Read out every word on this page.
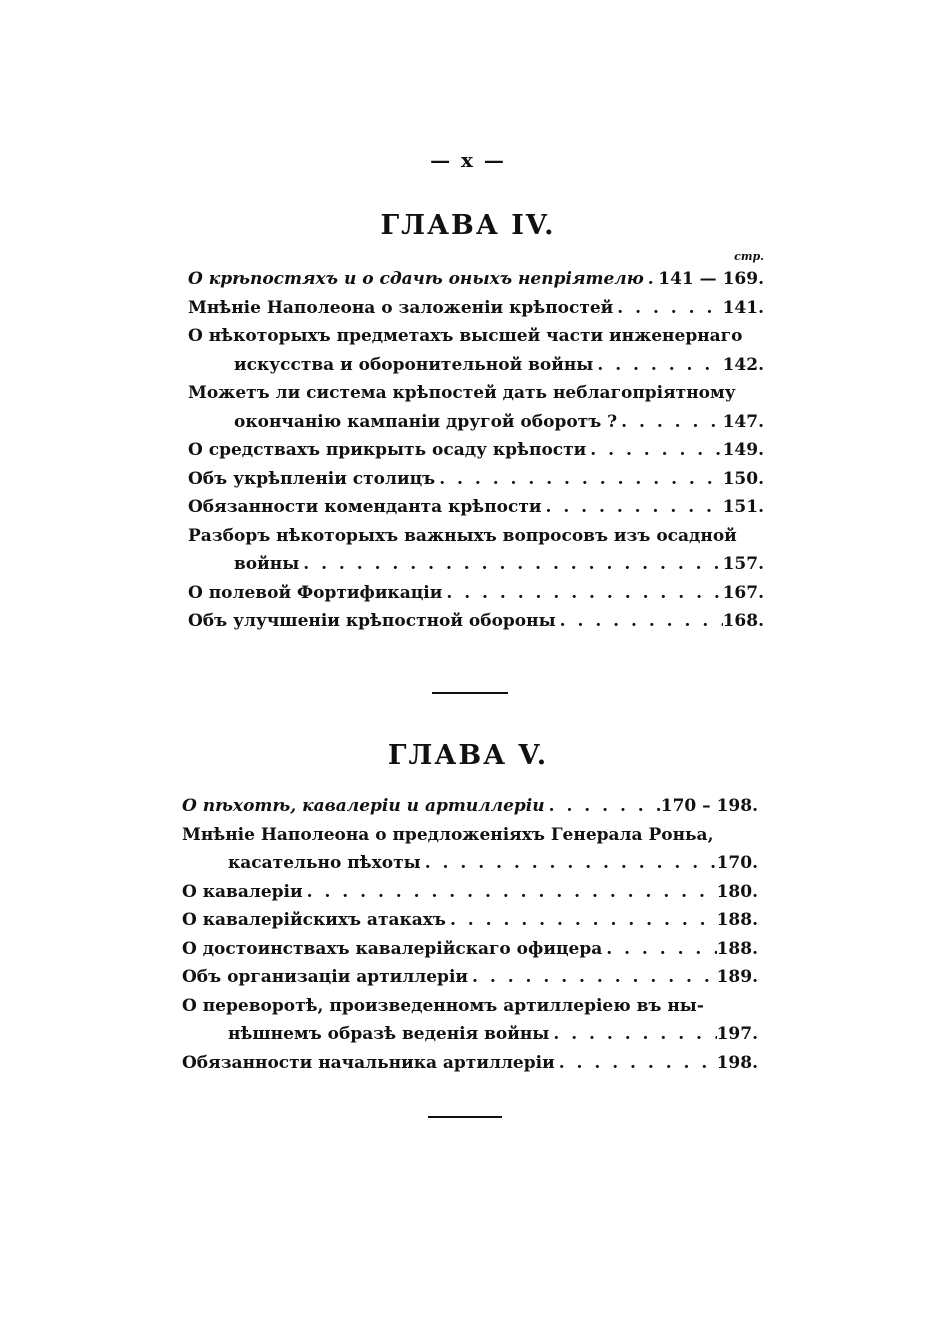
— x —
ГЛАВА IV.
стр.
О крѣпостяхъ и о сдачѣ оныхъ непріятелю . . . 141 — 169.
Мнѣніе Наполеона о заложеніи крѣпостей . . .	141.
О нѣкоторыхъ предметахъ высшей части инженернаго
искусства и оборонительной войны . . .	142.
Можетъ ли система крѣпостей дать неблагопріятному
окончанію кампаніи другой оборотъ ? . . .	147.
О средствахъ прикрыть осаду крѣпости . . .	149.
Объ укрѣпленіи столицъ . . .	150.
Обязанности коменданта крѣпости . . .	151.
Разборъ нѣкоторыхъ важныхъ вопросовъ изъ осадной
войны . . .	157.
О полевой Фортификаціи . . .	167.
Объ улучшеніи крѣпостной обороны . . .	168.
ГЛАВА V.
О пѣхотѣ, кавалеріи и артиллеріи . . .	170 – 198.
Мнѣніе Наполеона о предложеніяхъ Генерала Роньа,
касательно пѣхоты . . .	170.
О кавалеріи . . .	180.
О кавалерійскихъ атакахъ . . .	188.
О достоинствахъ кавалерійскаго офицера . . .	188.
Объ организаціи артиллеріи . . .	189.
О переворотѣ, произведенномъ артиллеріею въ ны-
нѣшнемъ образѣ веденія войны . . .	197.
Обязанности начальника артиллеріи . . .	198.
